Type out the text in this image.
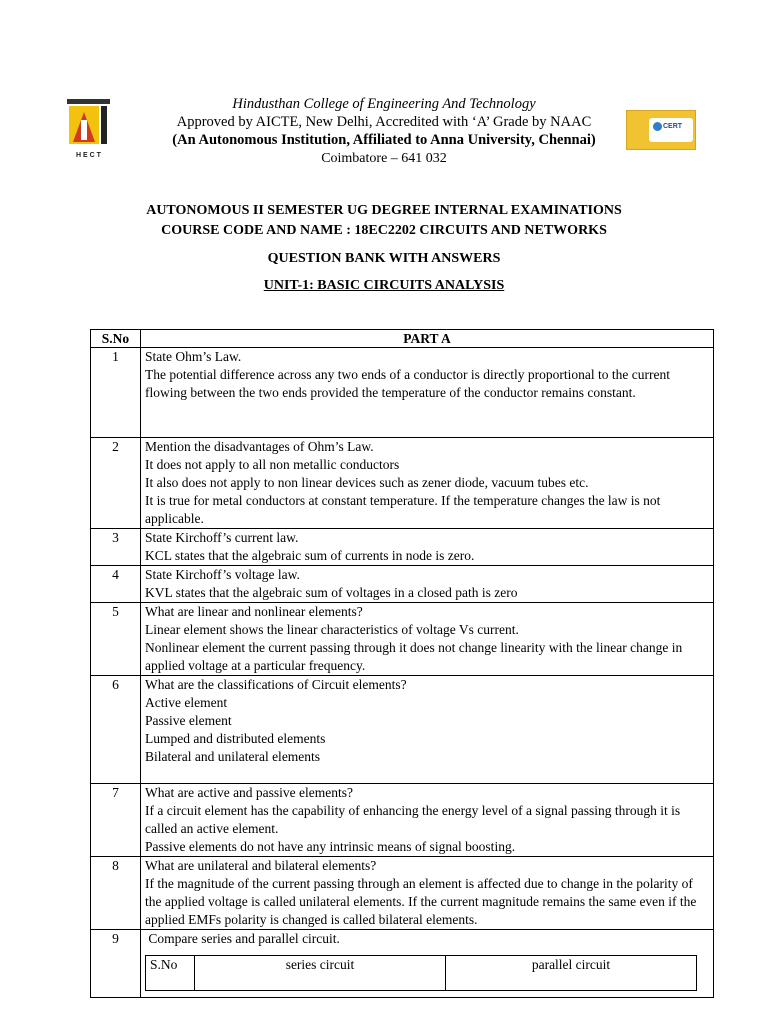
H E C T
CERT
Hindusthan College of Engineering And Technology
Approved by AICTE, New Delhi, Accredited with ‘A’ Grade by NAAC
(An Autonomous Institution, Affiliated to Anna University, Chennai)
Coimbatore – 641 032
AUTONOMOUS II SEMESTER UG DEGREE INTERNAL EXAMINATIONS
COURSE CODE AND NAME : 18EC2202 CIRCUITS AND NETWORKS
QUESTION BANK WITH ANSWERS
UNIT-1: BASIC CIRCUITS ANALYSIS
S.No	PART A
1	State Ohm’s Law.
The potential difference across any two ends of a conductor is directly proportional to the current flowing between the two ends provided the temperature of the conductor remains constant.

2	Mention the disadvantages of Ohm’s Law.
It does not apply to all non metallic conductors
It also does not apply to non linear devices such as zener diode, vacuum tubes etc.
It is true for metal conductors at constant temperature. If the temperature changes the law is not applicable.

3	State Kirchoff’s current law.
KCL states that the algebraic sum of currents in node is zero.

4	State Kirchoff’s voltage law.
KVL states that the algebraic sum of voltages in a closed path is zero

5	What are linear and nonlinear elements?
Linear element shows the linear characteristics of voltage Vs current.
Nonlinear element the current passing through it does not change linearity with the linear change in applied voltage at a particular frequency.

6	What are the classifications of Circuit elements?
Active element
Passive element
Lumped and distributed elements
Bilateral and unilateral elements

7	What are active and passive elements?
If a circuit element has the capability of enhancing the energy level of a signal passing through it is called an active element.
Passive elements do not have any intrinsic means of signal boosting.

8	What are unilateral and bilateral elements?
If the magnitude of the current passing through an element is affected due to change in the polarity of the applied voltage is called unilateral elements. If the current magnitude remains the same even if the applied EMFs polarity is changed is called bilateral elements.

9	Compare series and parallel circuit.
S.No	series circuit	parallel circuit
